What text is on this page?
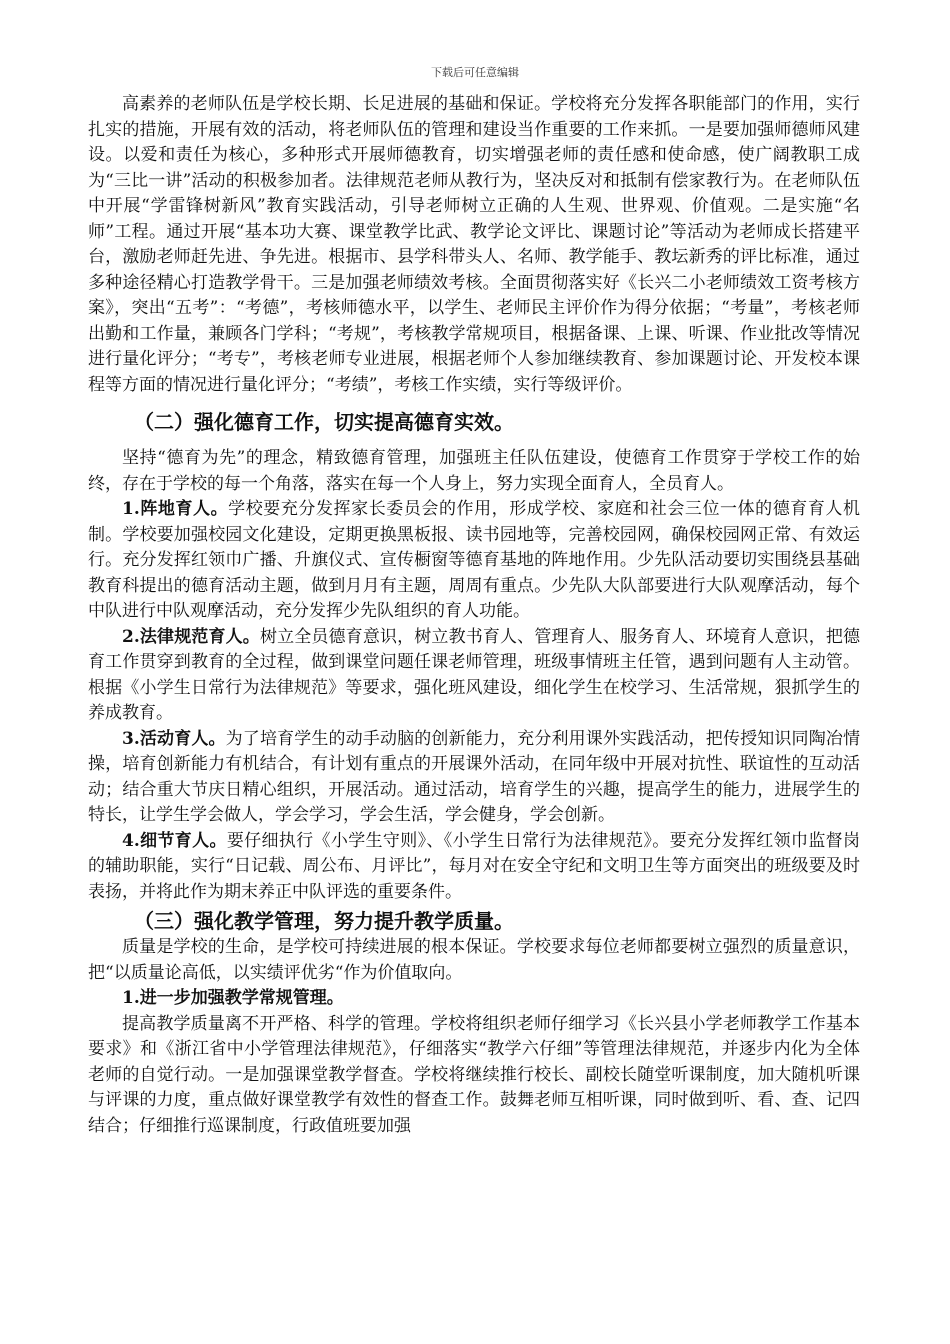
下载后可任意编辑

高素养的老师队伍是学校长期、长足进展的基础和保证。学校将充分发挥各职能部门的作用，实行扎实的措施，开展有效的活动，将老师队伍的管理和建设当作重要的工作来抓。一是要加强师德师风建设。以爱和责任为核心，多种形式开展师德教育，切实增强老师的责任感和使命感，使广阔教职工成为“三比一讲”活动的积极参加者。法律规范老师从教行为，坚决反对和抵制有偿家教行为。在老师队伍中开展“学雷锋树新风”教育实践活动，引导老师树立正确的人生观、世界观、价值观。二是实施“名师”工程。通过开展“基本功大赛、课堂教学比武、教学论文评比、课题讨论”等活动为老师成长搭建平台，激励老师赶先进、争先进。根据市、县学科带头人、名师、教学能手、教坛新秀的评比标准，通过多种途径精心打造教学骨干。三是加强老师绩效考核。全面贯彻落实好《长兴二小老师绩效工资考核方案》，突出“五考”：“考德”，考核师德水平，以学生、老师民主评价作为得分依据；“考量”，考核老师出勤和工作量，兼顾各门学科；“考规”，考核教学常规项目，根据备课、上课、听课、作业批改等情况进行量化评分；“考专”，考核老师专业进展，根据老师个人参加继续教育、参加课题讨论、开发校本课程等方面的情况进行量化评分；“考绩”，考核工作实绩，实行等级评价。

（二）强化德育工作，切实提高德育实效。

坚持“德育为先”的理念，精致德育管理，加强班主任队伍建设，使德育工作贯穿于学校工作的始终，存在于学校的每一个角落，落实在每一个人身上，努力实现全面育人，全员育人。

1.阵地育人。学校要充分发挥家长委员会的作用，形成学校、家庭和社会三位一体的德育育人机制。学校要加强校园文化建设，定期更换黑板报、读书园地等，完善校园网，确保校园网正常、有效运行。充分发挥红领巾广播、升旗仪式、宣传橱窗等德育基地的阵地作用。少先队活动要切实围绕县基础教育科提出的德育活动主题，做到月月有主题，周周有重点。少先队大队部要进行大队观摩活动，每个中队进行中队观摩活动，充分发挥少先队组织的育人功能。

2.法律规范育人。树立全员德育意识，树立教书育人、管理育人、服务育人、环境育人意识，把德育工作贯穿到教育的全过程，做到课堂问题任课老师管理，班级事情班主任管，遇到问题有人主动管。根据《小学生日常行为法律规范》等要求，强化班风建设，细化学生在校学习、生活常规，狠抓学生的养成教育。

3.活动育人。为了培育学生的动手动脑的创新能力，充分利用课外实践活动，把传授知识同陶冶情操，培育创新能力有机结合，有计划有重点的开展课外活动，在同年级中开展对抗性、联谊性的互动活动；结合重大节庆日精心组织，开展活动。通过活动，培育学生的兴趣，提高学生的能力，进展学生的特长，让学生学会做人，学会学习，学会生活，学会健身，学会创新。

4.细节育人。要仔细执行《小学生守则》、《小学生日常行为法律规范》。要充分发挥红领巾监督岗的辅助职能，实行“日记载、周公布、月评比”，每月对在安全守纪和文明卫生等方面突出的班级要及时表扬，并将此作为期末养正中队评选的重要条件。

（三）强化教学管理，努力提升教学质量。

质量是学校的生命，是学校可持续进展的根本保证。学校要求每位老师都要树立强烈的质量意识，把“以质量论高低，以实绩评优劣“作为价值取向。

1.进一步加强教学常规管理。

提高教学质量离不开严格、科学的管理。学校将组织老师仔细学习《长兴县小学老师教学工作基本要求》和《浙江省中小学管理法律规范》，仔细落实“教学六仔细”等管理法律规范，并逐步内化为全体老师的自觉行动。一是加强课堂教学督查。学校将继续推行校长、副校长随堂听课制度，加大随机听课与评课的力度，重点做好课堂教学有效性的督查工作。鼓舞老师互相听课，同时做到听、看、查、记四结合；仔细推行巡课制度，行政值班要加强
